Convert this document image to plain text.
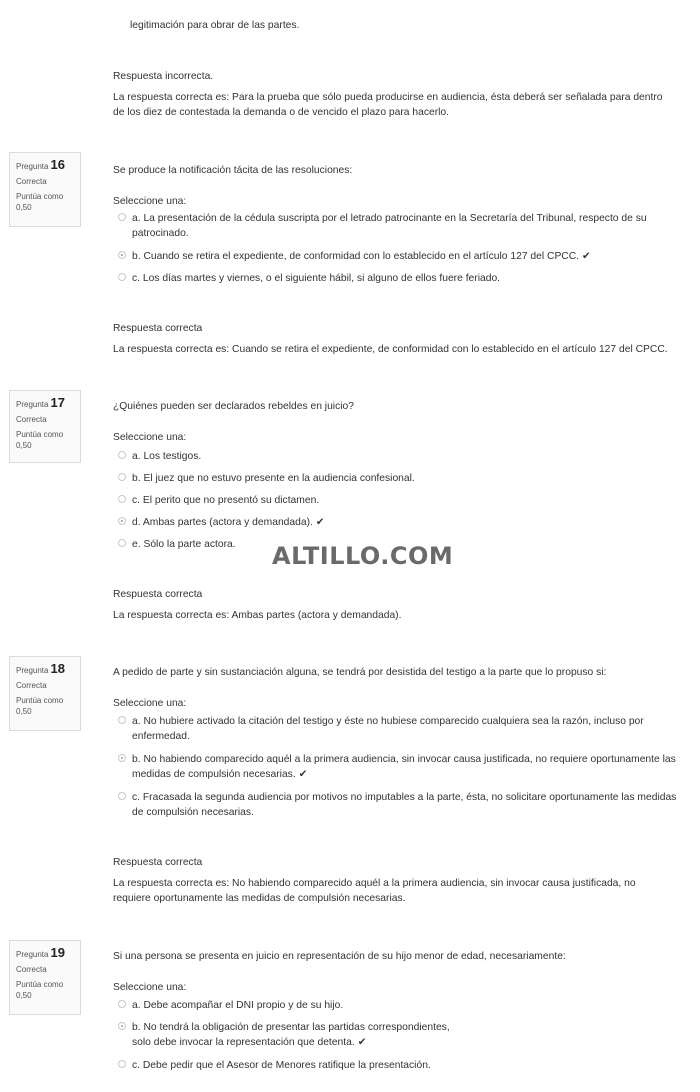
legitimación para obrar de las partes.
Respuesta incorrecta.
La respuesta correcta es: Para la prueba que sólo pueda producirse en audiencia, ésta deberá ser señalada para dentro de los diez de contestada la demanda o de vencido el plazo para hacerlo.
Pregunta 16
Correcta
Puntúa como 0,50
Se produce la notificación tácita de las resoluciones:
Seleccione una:
a. La presentación de la cédula suscripta por el letrado patrocinante en la Secretaría del Tribunal, respecto de su patrocinado.
b. Cuando se retira el expediente, de conformidad con lo establecido en el artículo 127 del CPCC. ✔
c. Los días martes y viernes, o el siguiente hábil, si alguno de ellos fuere feriado.
Respuesta correcta
La respuesta correcta es: Cuando se retira el expediente, de conformidad con lo establecido en el artículo 127 del CPCC.
Pregunta 17
Correcta
Puntúa como 0,50
¿Quiénes pueden ser declarados rebeldes en juicio?
Seleccione una:
a. Los testigos.
b. El juez que no estuvo presente en la audiencia confesional.
c. El perito que no presentó su dictamen.
d. Ambas partes (actora y demandada). ✔
e. Sólo la parte actora.	ALTILLO.COM
Respuesta correcta
La respuesta correcta es: Ambas partes (actora y demandada).
Pregunta 18
Correcta
Puntúa como 0,50
A pedido de parte y sin sustanciación alguna, se tendrá por desistida del testigo a la parte que lo propuso si:
Seleccione una:
a. No hubiere activado la citación del testigo y éste no hubiese comparecido cualquiera sea la razón, incluso por enfermedad.
b. No habiendo comparecido aquél a la primera audiencia, sin invocar causa justificada, no requiere oportunamente las medidas de compulsión necesarias. ✔
c. Fracasada la segunda audiencia por motivos no imputables a la parte, ésta, no solicitare oportunamente las medidas de compulsión necesarias.
Respuesta correcta
La respuesta correcta es: No habiendo comparecido aquél a la primera audiencia, sin invocar causa justificada, no requiere oportunamente las medidas de compulsión necesarias.
Pregunta 19
Correcta
Puntúa como 0,50
Si una persona se presenta en juicio en representación de su hijo menor de edad, necesariamente:
Seleccione una:
a. Debe acompañar el DNI propio y de su hijo.
b. No tendrá la obligación de presentar las partidas correspondientes, solo debe invocar la representación que detenta. ✔
c. Debe pedir que el Asesor de Menores ratifique la presentación.
